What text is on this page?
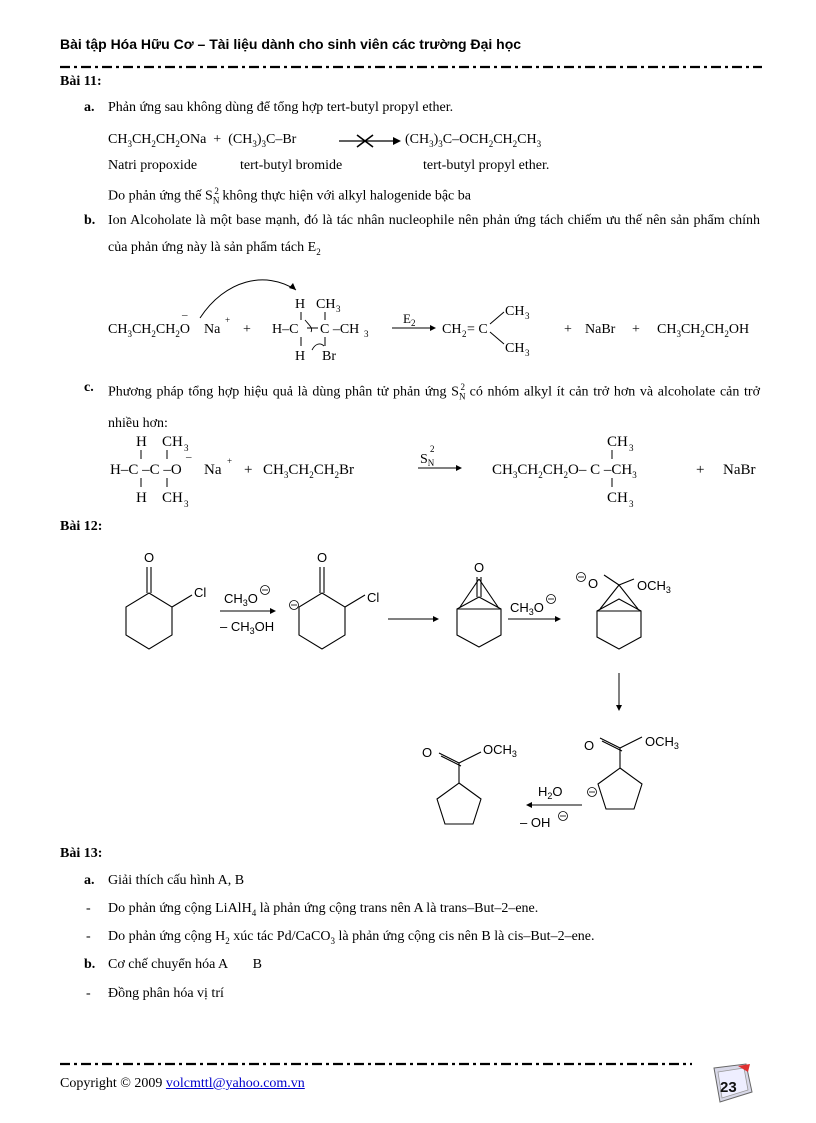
Bài tập Hóa Hữu Cơ – Tài liệu dành cho sinh viên các trường Đại học
Bài 11:
a. Phản ứng sau không dùng để tổng hợp tert-butyl propyl ether.
$CH_3CH_2CH_2ONa + (CH_3)_3C-Br$	$(CH_3)_3C-OCH_2CH_2CH_3$
Natri propoxide	tert-butyl bromide	tert-butyl propyl ether.
Do phản ứng thế $S_N^2$ không thực hiện với alkyl halogenide bậc ba
b. Ion Alcoholate là một base mạnh, đó là tác nhân nucleophile nên phản ứng tách chiếm ưu thế nên sản phẩm chính của phản ứng này là sản phẩm tách $E_2$
$CH_3CH_2CH_2O$
–
Na
+
+
H CH 3
H–C C –CH 3
H Br
$E_2$ CH 2 = C
CH 3
CH 3
+ NaBr + $CH_3CH_2CH_2OH$
c. Phương pháp tổng hợp hiệu quả là dùng phân tử phản ứng $S_N^2$ có nhóm alkyl ít cản trở hơn và alcoholate cản trở nhiều hơn:
H CH 3
H–C –C –O
–
Na
+
H CH 3
+ $CH_3CH_2CH_2Br$
$S_N$
2
$CH_3CH_2CH_2O-$ C $-CH_3$
CH 3
CH 3
+ NaBr
Bài 12:
O
Cl $CH_3O$
– $CH_3OH$
O
Cl
O
$CH_3O$
O	$OCH_3$
O	$OCH_3$
$H_2O$
– OH
O	$OCH_3$
Bài 13:
a. Giải thích cấu hình A, B
- Do phản ứng cộng LiAlH$_4$ là phản ứng cộng trans nên A là trans–But–2–ene.
- Do phản ứng cộng $H_2$ xúc tác Pd/CaCO$_3$ là phản ứng cộng cis nên B là cis–But–2–ene.
b. Cơ chế chuyển hóa A B
- Đồng phân hóa vị trí
Copyright © 2009 volcmttl@yahoo.com.vn	23
